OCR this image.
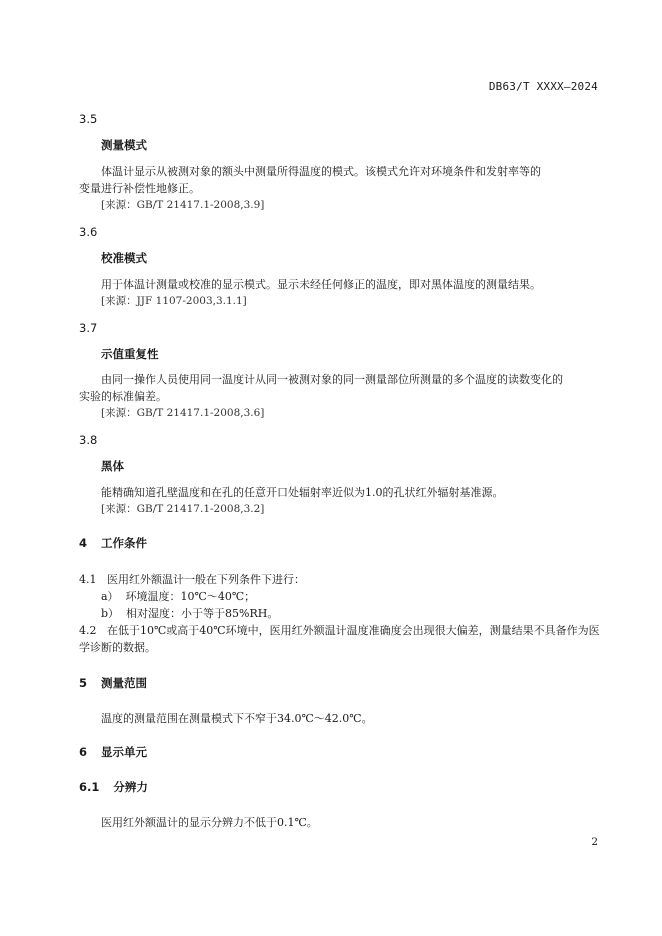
DB63/T XXXX—2024
3.5
测量模式
体温计显示从被测对象的额头中测量所得温度的模式。该模式允许对环境条件和发射率等的
变量进行补偿性地修正。
[来源：GB/T 21417.1-2008,3.9]
3.6
校准模式
用于体温计测量或校准的显示模式。显示未经任何修正的温度，即对黑体温度的测量结果。
[来源：JJF 1107-2003,3.1.1]
3.7
示值重复性
由同一操作人员使用同一温度计从同一被测对象的同一测量部位所测量的多个温度的读数变化的
实验的标准偏差。
[来源：GB/T 21417.1-2008,3.6]
3.8
黑体
能精确知道孔壁温度和在孔的任意开口处辐射率近似为1.0的孔状红外辐射基准源。
[来源：GB/T 21417.1-2008,3.2]
4 工作条件
4.1 医用红外额温计一般在下列条件下进行：
a） 环境温度：10℃～40℃；
b） 相对湿度：小于等于85%RH。
4.2 在低于10℃或高于40℃环境中，医用红外额温计温度准确度会出现很大偏差，测量结果不具备作为医
学诊断的数据。
5 测量范围
温度的测量范围在测量模式下不窄于34.0℃～42.0℃。
6 显示单元
6.1 分辨力
医用红外额温计的显示分辨力不低于0.1℃。
2
